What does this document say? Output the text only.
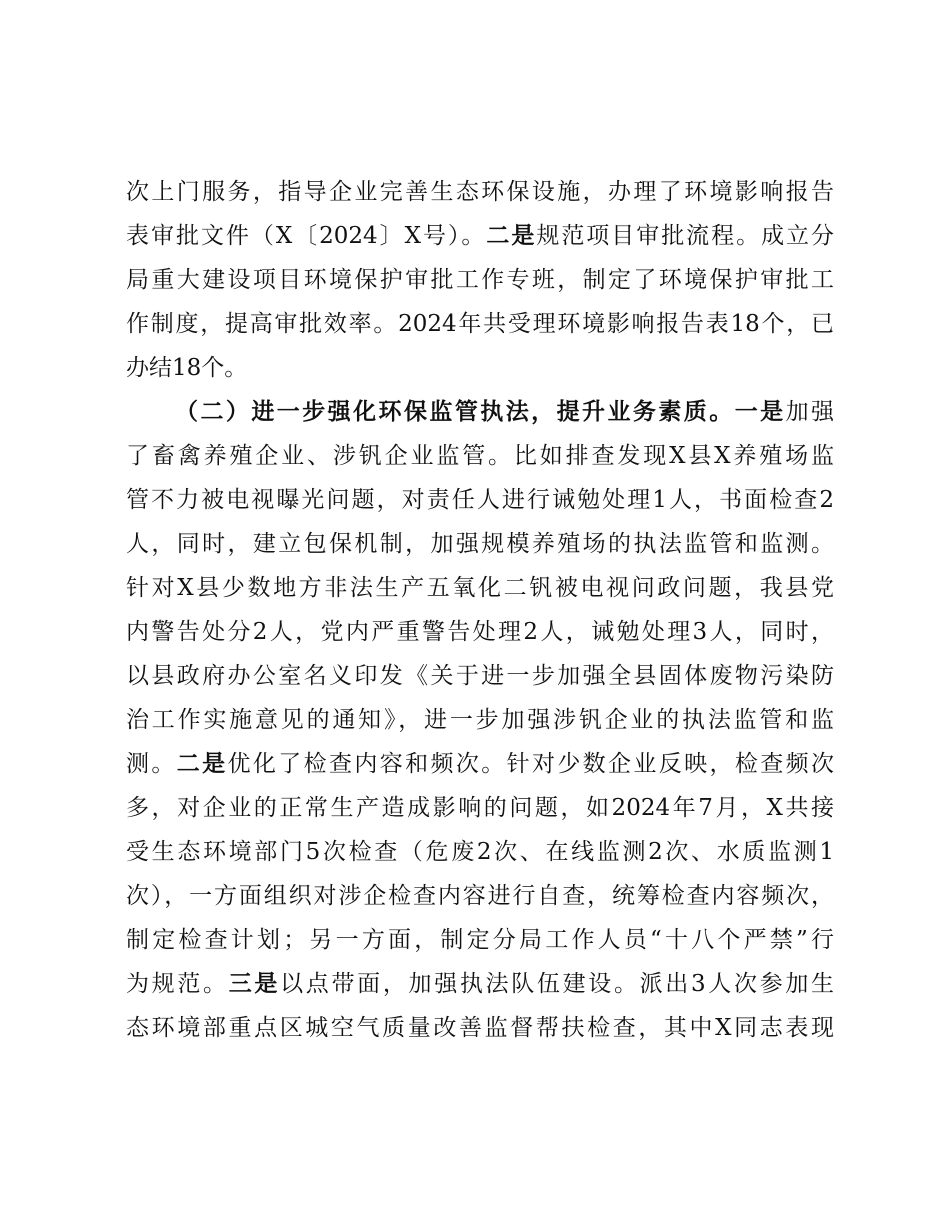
次上门服务，指导企业完善生态环保设施，办理了环境影响报告
表审批文件（X〔2024〕X号）。二是规范项目审批流程。成立分
局重大建设项目环境保护审批工作专班，制定了环境保护审批工
作制度，提高审批效率。2024年共受理环境影响报告表18个，已
办结18个。
（二）进一步强化环保监管执法，提升业务素质。一是加强
了畜禽养殖企业、涉钒企业监管。比如排查发现X县X养殖场监
管不力被电视曝光问题，对责任人进行诫勉处理1人，书面检查2
人，同时，建立包保机制，加强规模养殖场的执法监管和监测。
针对X县少数地方非法生产五氧化二钒被电视问政问题，我县党
内警告处分2人，党内严重警告处理2人，诫勉处理3人，同时，
以县政府办公室名义印发《关于进一步加强全县固体废物污染防
治工作实施意见的通知》，进一步加强涉钒企业的执法监管和监
测。二是优化了检查内容和频次。针对少数企业反映，检查频次
多，对企业的正常生产造成影响的问题，如2024年7月，X共接
受生态环境部门5次检查（危废2次、在线监测2次、水质监测1
次），一方面组织对涉企检查内容进行自查，统筹检查内容频次，
制定检查计划；另一方面，制定分局工作人员“十八个严禁”行
为规范。三是以点带面，加强执法队伍建设。派出3人次参加生
态环境部重点区城空气质量改善监督帮扶检查，其中X同志表现
